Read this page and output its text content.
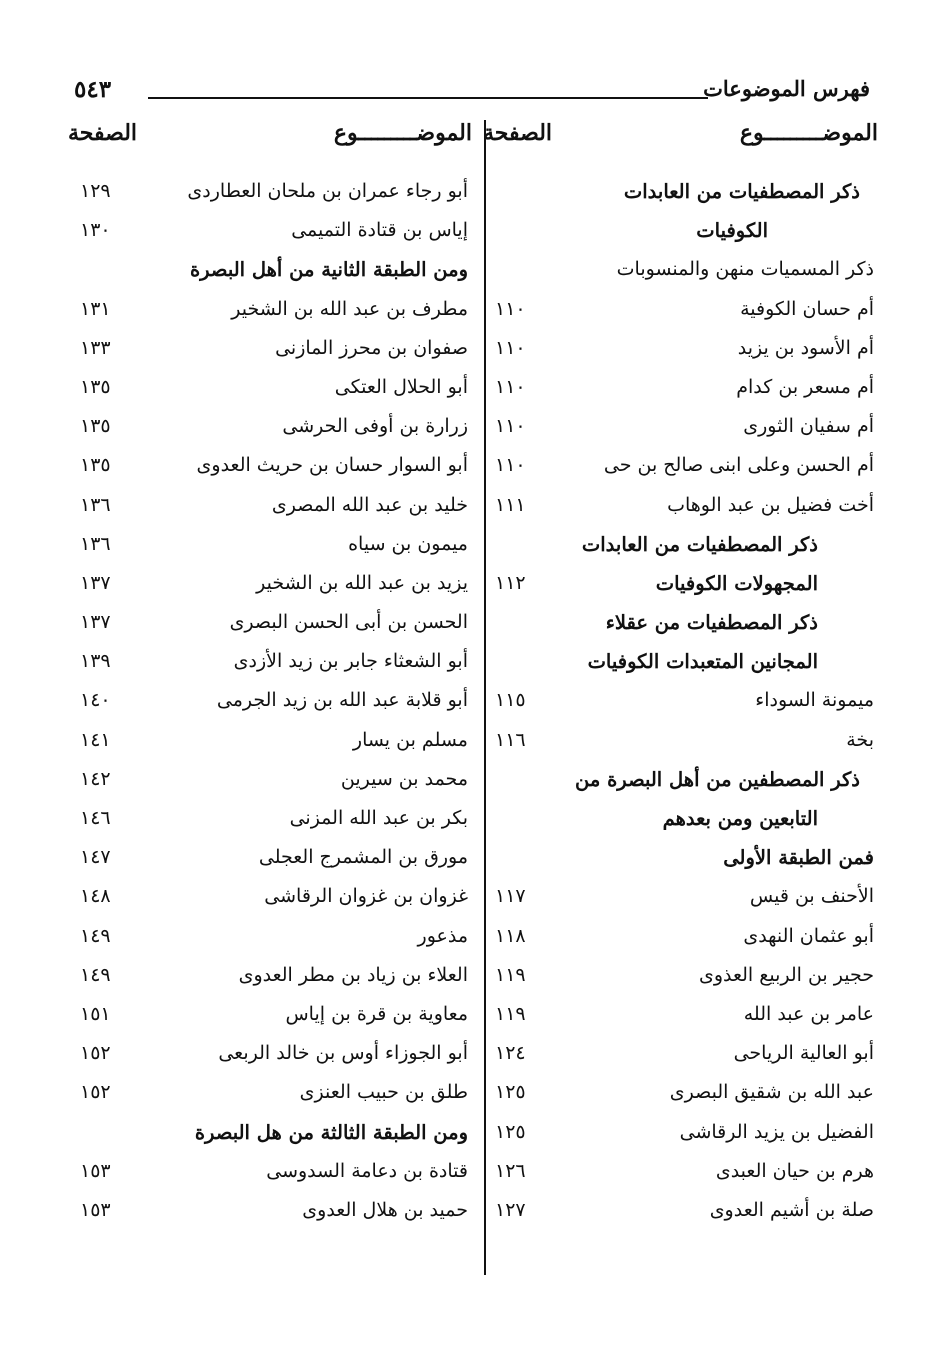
فهرس الموضوعات
٥٤٣
الموضـــــــــوع
الصفحة
ذكر المصطفيات من العابدات
الكوفيات
ذكر المسميات منهن والمنسوبات
أم حسان الكوفية
١١٠
أم الأسود بن يزيد
١١٠
أم مسعر بن كدام
١١٠
أم سفيان الثورى
١١٠
أم الحسن وعلى ابنى صالح بن حى
١١٠
أخت فضيل بن عبد الوهاب
١١١
ذكر المصطفيات من العابدات
المجهولات الكوفيات
١١٢
ذكر المصطفيات من عقلاء
المجانين المتعبدات الكوفيات
ميمونة السوداء
١١٥
بخة
١١٦
ذكر المصطفين من أهل البصرة من
التابعين ومن بعدهم
فمن الطبقة الأولى
الأحنف بن قيس
١١٧
أبو عثمان النهدى
١١٨
حجير بن الربيع العذوى
١١٩
عامر بن عبد الله
١١٩
أبو العالية الرياحى
١٢٤
عبد الله بن شقيق البصرى
١٢٥
الفضيل بن يزيد الرقاشى
١٢٥
هرم بن حيان العبدى
١٢٦
صلة بن أشيم العدوى
١٢٧
الموضـــــــــوع
الصفحة
أبو رجاء عمران بن ملحان العطاردى
١٢٩
إياس بن قتادة التميمى
١٣٠
ومن الطبقة الثانية من أهل البصرة
مطرف بن عبد الله بن الشخير
١٣١
صفوان بن محرز المازنى
١٣٣
أبو الحلال العتكى
١٣٥
زرارة بن أوفى الحرشى
١٣٥
أبو السوار حسان بن حريث العدوى
١٣٥
خليد بن عبد الله المصرى
١٣٦
ميمون بن سياه
١٣٦
يزيد بن عبد الله بن الشخير
١٣٧
الحسن بن أبى الحسن البصرى
١٣٧
أبو الشعثاء جابر بن زيد الأزدى
١٣٩
أبو قلابة عبد الله بن زيد الجرمى
١٤٠
مسلم بن يسار
١٤١
محمد بن سيرين
١٤٢
بكر بن عبد الله المزنى
١٤٦
مورق بن المشمرج العجلى
١٤٧
غزوان بن غزوان الرقاشى
١٤٨
مذعور
١٤٩
العلاء بن زياد بن مطر العدوى
١٤٩
معاوية بن قرة بن إياس
١٥١
أبو الجوزاء أوس بن خالد الربعى
١٥٢
طلق بن حبيب العنزى
١٥٢
ومن الطبقة الثالثة من هل البصرة
قتادة بن دعامة السدوسى
١٥٣
حميد بن هلال العدوى
١٥٣
